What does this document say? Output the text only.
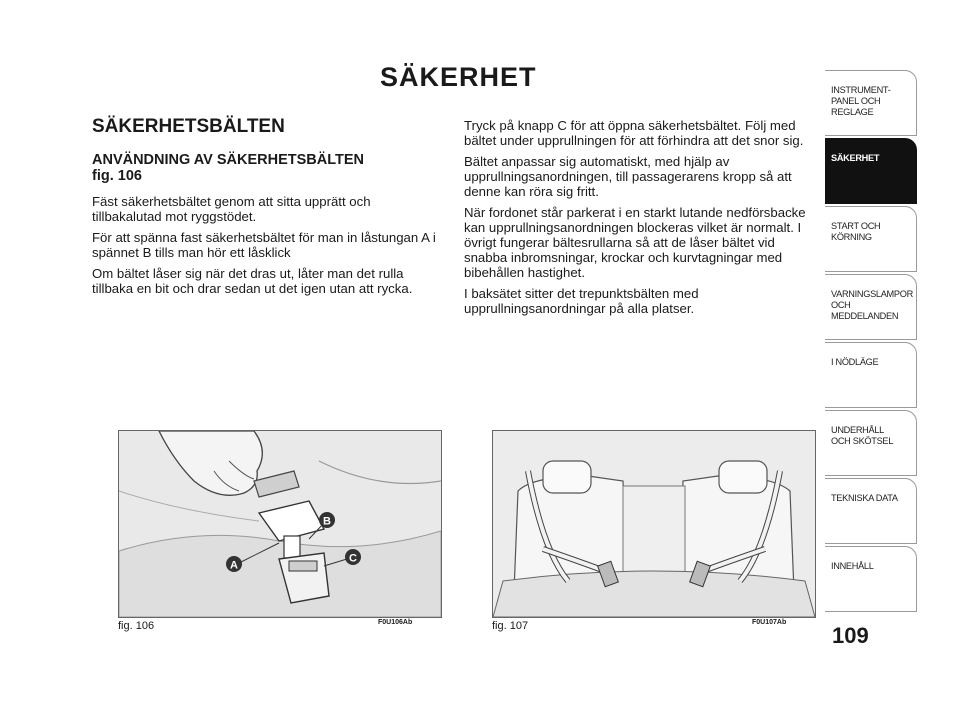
SÄKERHET
SÄKERHETSBÄLTEN
ANVÄNDNING AV SÄKERHETSBÄLTEN
fig. 106

Fäst säkerhetsbältet genom att sitta upprätt och tillbakalutad mot ryggstödet.

För att spänna fast säkerhetsbältet för man in låstungan A i spännet B tills man hör ett låsklick

Om bältet låser sig när det dras ut, låter man det rulla tillbaka en bit och drar sedan ut det igen utan att rycka.

Tryck på knapp C för att öppna säkerhetsbältet. Följ med bältet under upprullningen för att förhindra att det snor sig.

Bältet anpassar sig automatiskt, med hjälp av upprullningsanordningen, till passagerarens kropp så att denne kan röra sig fritt.

När fordonet står parkerat i en starkt lutande nedförsbacke kan upprullningsanordningen blockeras vilket är normalt. I övrigt fungerar bältesrullarna så att de låser bältet vid snabba inbromsningar, krockar och kurvtagningar med bibehållen hastighet.

I baksätet sitter det trepunktsbälten med upprullningsanordningar på alla platser.

A
B
C
fig. 106	F0U106Ab	fig. 107	F0U107Ab
109
INSTRUMENT-
PANEL OCH
REGLAGE
SÄKERHET
START OCH
KÖRNING
VARNINGSLAMPOR
OCH
MEDDELANDEN
I NÖDLÄGE
UNDERHÅLL
OCH SKÖTSEL
TEKNISKA DATA
INNEHÅLL
